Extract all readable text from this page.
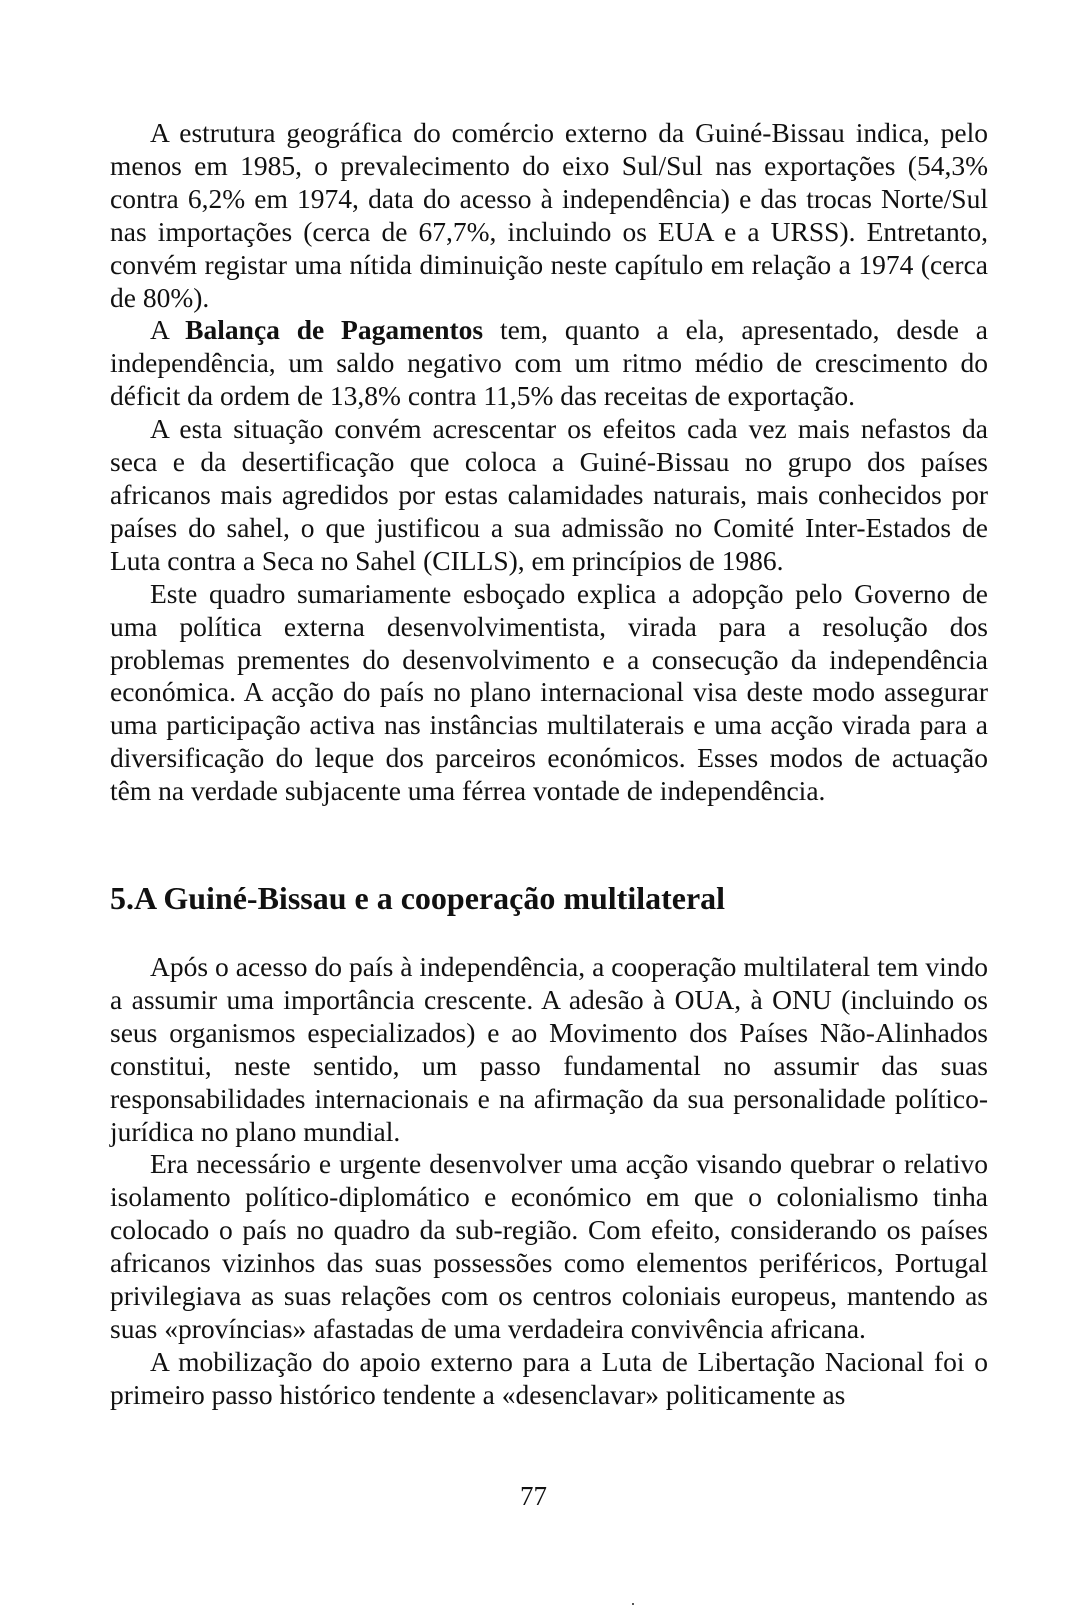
A estrutura geográfica do comércio externo da Guiné-Bissau indica, pelo menos em 1985, o prevalecimento do eixo Sul/Sul nas exportações (54,3% contra 6,2% em 1974, data do acesso à independência) e das trocas Norte/Sul nas importações (cerca de 67,7%, incluindo os EUA e a URSS). Entretanto, convém registar uma nítida diminuição neste capítulo em relação a 1974 (cerca de 80%).

A Balança de Pagamentos tem, quanto a ela, apresentado, desde a independência, um saldo negativo com um ritmo médio de crescimento do déficit da ordem de 13,8% contra 11,5% das receitas de exportação.

A esta situação convém acrescentar os efeitos cada vez mais nefastos da seca e da desertificação que coloca a Guiné-Bissau no grupo dos países africanos mais agredidos por estas calamidades naturais, mais conhecidos por países do sahel, o que justificou a sua admissão no Comité Inter-Estados de Luta contra a Seca no Sahel (CILLS), em princípios de 1986.

Este quadro sumariamente esboçado explica a adopção pelo Governo de uma política externa desenvolvimentista, virada para a resolução dos problemas prementes do desenvolvimento e a consecução da independência económica. A acção do país no plano internacional visa deste modo assegurar uma participação activa nas instâncias multilaterais e uma acção virada para a diversificação do leque dos parceiros económicos. Esses modos de actuação têm na verdade subjacente uma férrea vontade de independência.

5.A Guiné-Bissau e a cooperação multilateral

Após o acesso do país à independência, a cooperação multilateral tem vindo a assumir uma importância crescente. A adesão à OUA, à ONU (incluindo os seus organismos especializados) e ao Movimento dos Países Não-Alinhados constitui, neste sentido, um passo fundamental no assumir das suas responsabilidades internacionais e na afirmação da sua personalidade político-jurídica no plano mundial.

Era necessário e urgente desenvolver uma acção visando quebrar o relativo isolamento político-diplomático e económico em que o colonialismo tinha colocado o país no quadro da sub-região. Com efeito, considerando os países africanos vizinhos das suas possessões como elementos periféricos, Portugal privilegiava as suas relações com os centros coloniais europeus, mantendo as suas «províncias» afastadas de uma verdadeira convivência africana.

A mobilização do apoio externo para a Luta de Libertação Nacional foi o primeiro passo histórico tendente a «desenclavar» politicamente as

77
